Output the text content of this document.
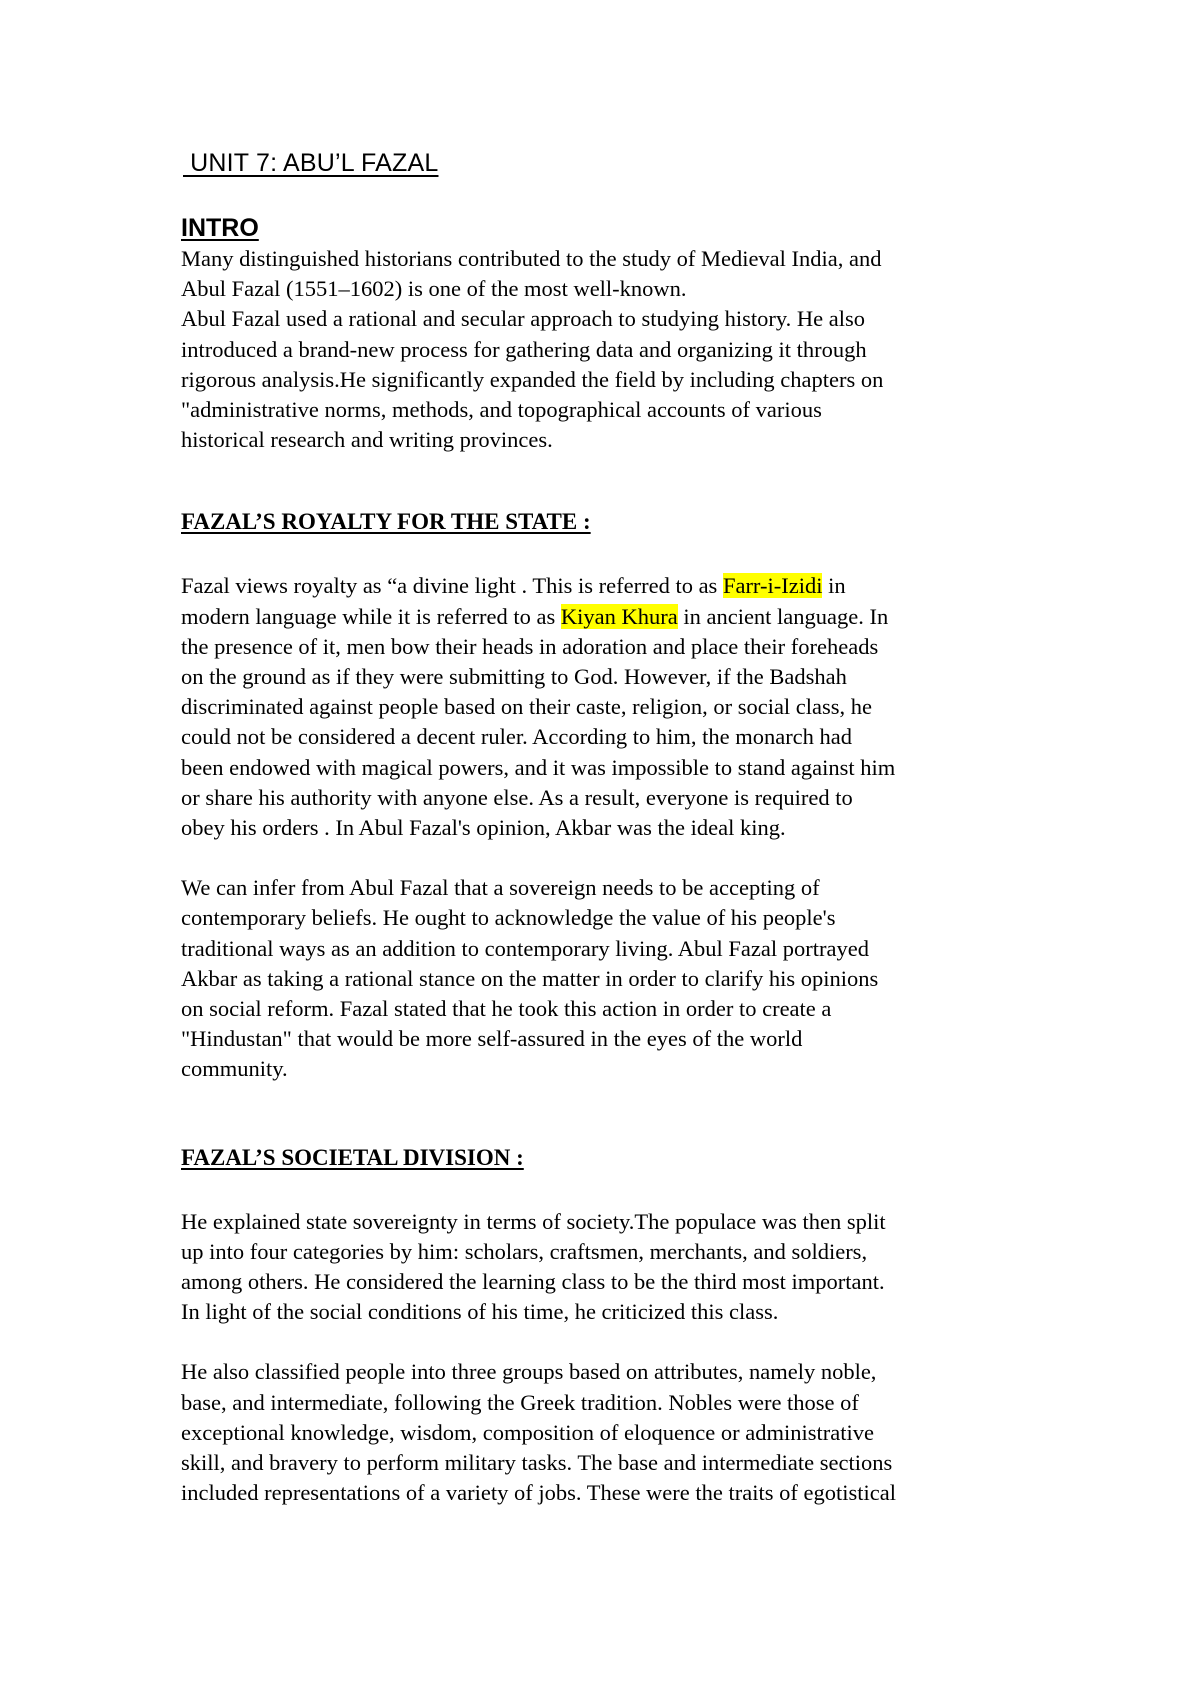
UNIT 7: ABU’L FAZAL
INTRO

Many distinguished historians contributed to the study of Medieval India, and
Abul Fazal (1551–1602) is one of the most well-known.
Abul Fazal used a rational and secular approach to studying history. He also
introduced a brand-new process for gathering data and organizing it through
rigorous analysis.He significantly expanded the field by including chapters on
"administrative norms, methods, and topographical accounts of various
historical research and writing provinces.

FAZAL’S ROYALTY FOR THE STATE :

Fazal views royalty as “a divine light . This is referred to as Farr-i-Izidi in
modern language while it is referred to as Kiyan Khura in ancient language. In
the presence of it, men bow their heads in adoration and place their foreheads
on the ground as if they were submitting to God. However, if the Badshah
discriminated against people based on their caste, religion, or social class, he
could not be considered a decent ruler. According to him, the monarch had
been endowed with magical powers, and it was impossible to stand against him
or share his authority with anyone else. As a result, everyone is required to
obey his orders . In Abul Fazal's opinion, Akbar was the ideal king.

We can infer from Abul Fazal that a sovereign needs to be accepting of
contemporary beliefs. He ought to acknowledge the value of his people's
traditional ways as an addition to contemporary living. Abul Fazal portrayed
Akbar as taking a rational stance on the matter in order to clarify his opinions
on social reform. Fazal stated that he took this action in order to create a
"Hindustan" that would be more self-assured in the eyes of the world
community.

FAZAL’S SOCIETAL DIVISION :

He explained state sovereignty in terms of society.The populace was then split
up into four categories by him: scholars, craftsmen, merchants, and soldiers,
among others. He considered the learning class to be the third most important.
In light of the social conditions of his time, he criticized this class.

He also classified people into three groups based on attributes, namely noble,
base, and intermediate, following the Greek tradition. Nobles were those of
exceptional knowledge, wisdom, composition of eloquence or administrative
skill, and bravery to perform military tasks. The base and intermediate sections
included representations of a variety of jobs. These were the traits of egotistical
